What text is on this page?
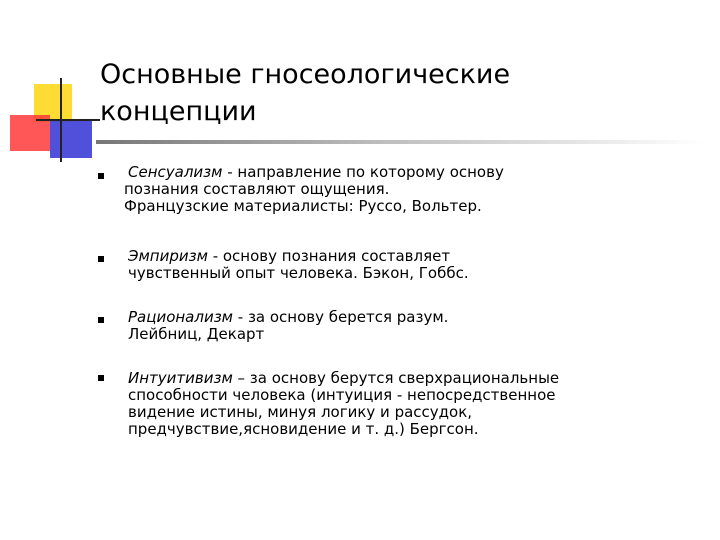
Основные гносеологические
концепции
Сенсуализм - направление по которому основу
познания составляют ощущения.
Французские материалисты: Руссо, Вольтер.
Эмпиризм - основу познания составляет
чувственный опыт человека. Бэкон, Гоббс.
Рационализм - за основу берется разум.
Лейбниц, Декарт
Интуитивизм – за основу берутся сверхрациональные
способности человека (интуиция - непосредственное
видение истины, минуя логику и рассудок,
предчувствие,ясновидение и т. д.) Бергсон.
